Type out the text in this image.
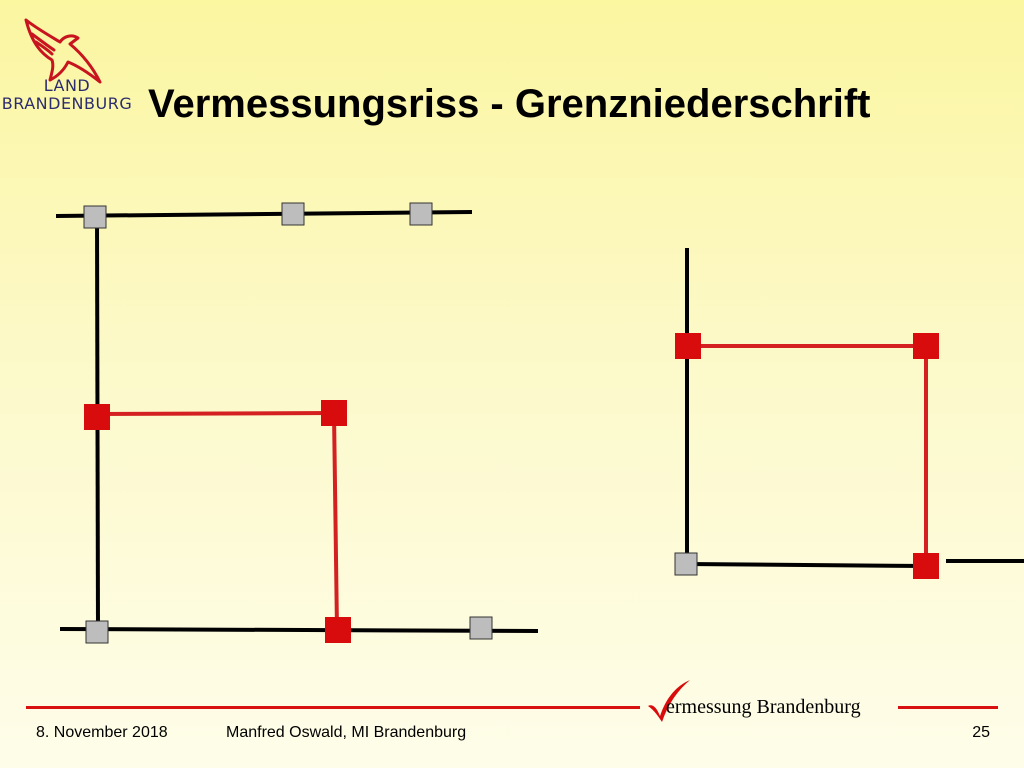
LAND
BRANDENBURG Vermessungsriss - Grenzniederschrift
ermessung Brandenburg
8. November 2018	Manfred Oswald, MI Brandenburg	25
